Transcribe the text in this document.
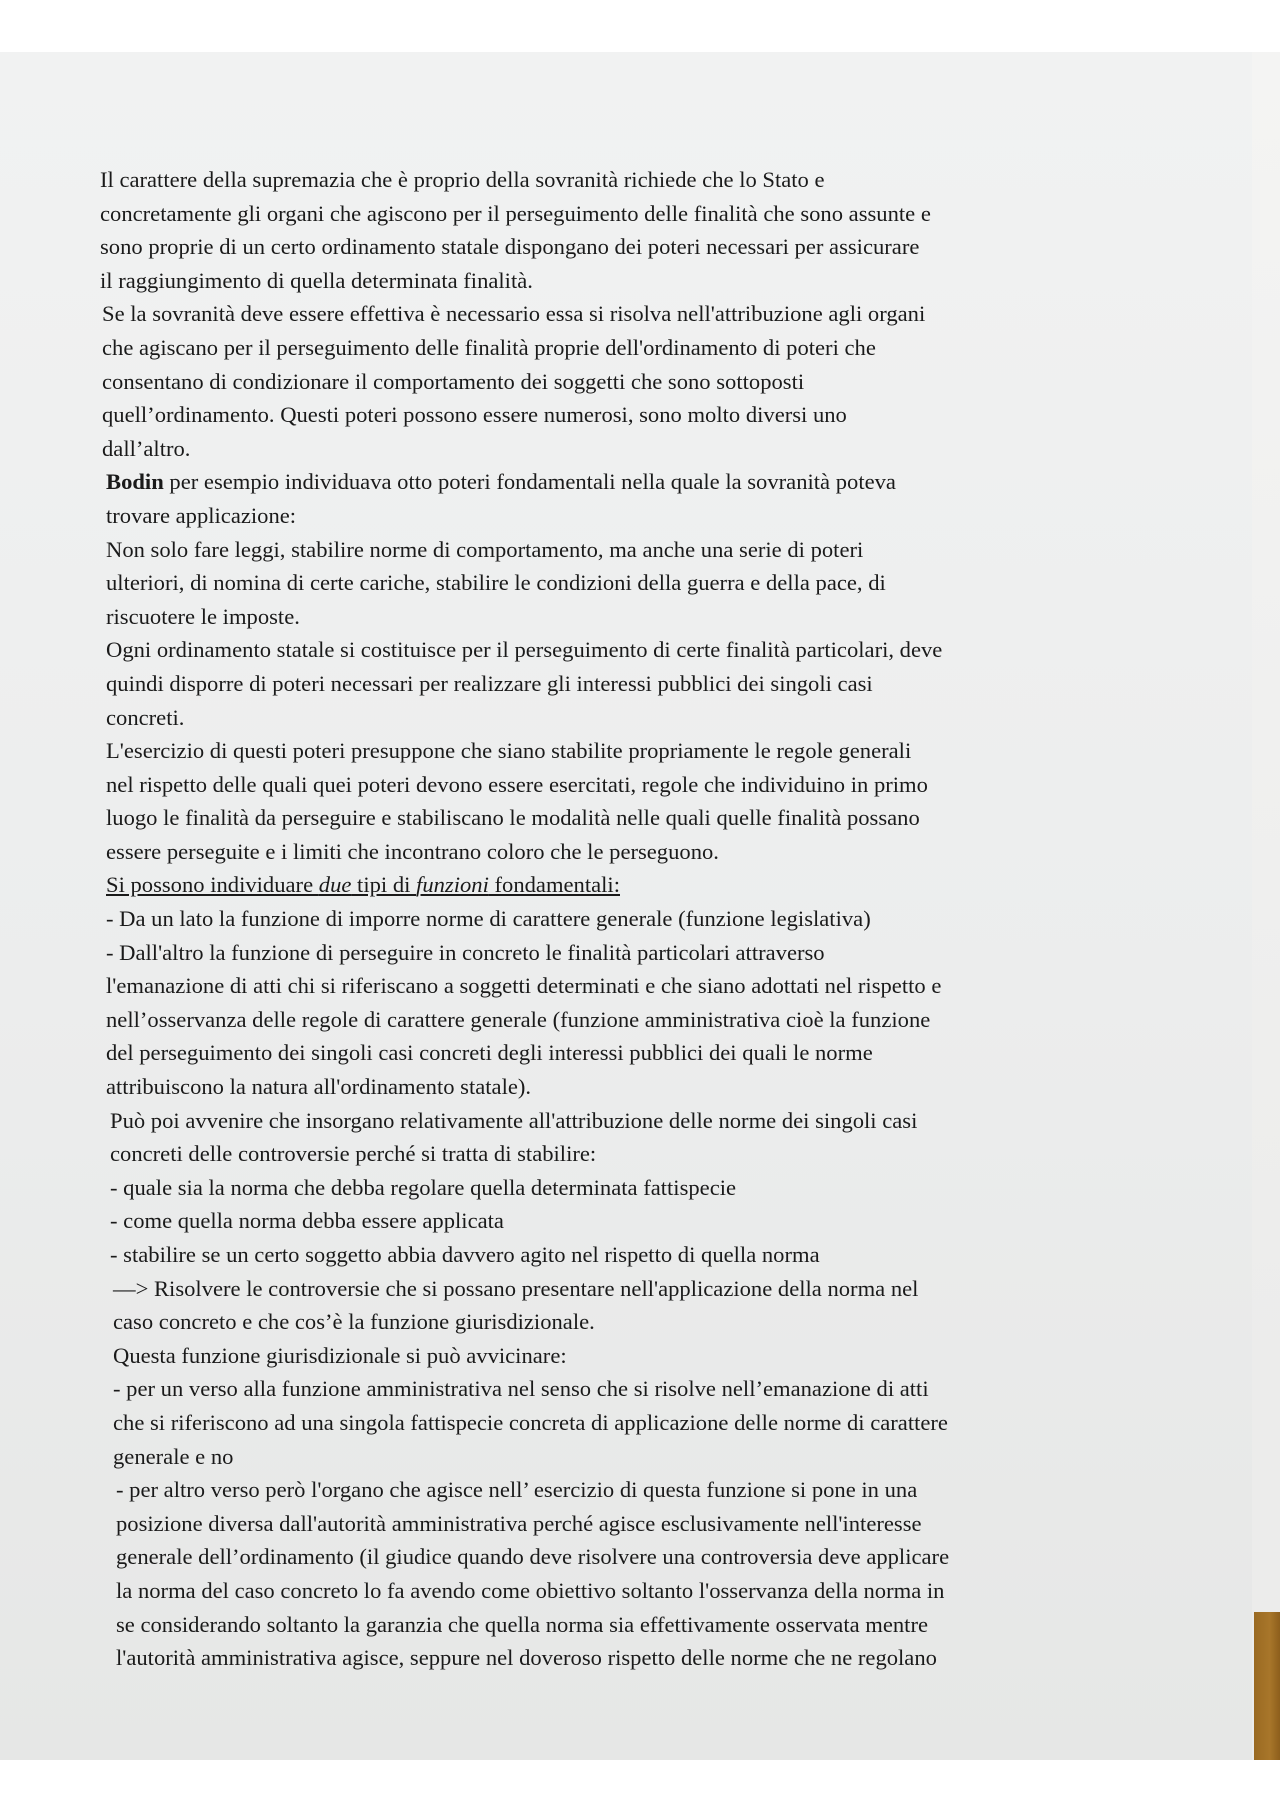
Il carattere della supremazia che è proprio della sovranità richiede che lo Stato e

concretamente gli organi che agiscono per il perseguimento delle finalità che sono assunte e

sono proprie di un certo ordinamento statale dispongano dei poteri necessari per assicurare

il raggiungimento di quella determinata finalità.

Se la sovranità deve essere effettiva è necessario essa si risolva nell'attribuzione agli organi

che agiscano per il perseguimento delle finalità proprie dell'ordinamento di poteri che

consentano di condizionare il comportamento dei soggetti che sono sottoposti

quell’ordinamento. Questi poteri possono essere numerosi, sono molto diversi uno

dall’altro.

Bodin per esempio individuava otto poteri fondamentali nella quale la sovranità poteva

trovare applicazione:

Non solo fare leggi, stabilire norme di comportamento, ma anche una serie di poteri

ulteriori, di nomina di certe cariche, stabilire le condizioni della guerra e della pace, di

riscuotere le imposte.

Ogni ordinamento statale si costituisce per il perseguimento di certe finalità particolari, deve

quindi disporre di poteri necessari per realizzare gli interessi pubblici dei singoli casi

concreti.

L'esercizio di questi poteri presuppone che siano stabilite propriamente le regole generali

nel rispetto delle quali quei poteri devono essere esercitati, regole che individuino in primo

luogo le finalità da perseguire e stabiliscano le modalità nelle quali quelle finalità possano

essere perseguite e i limiti che incontrano coloro che le perseguono.

Si possono individuare due tipi di funzioni fondamentali:

- Da un lato la funzione di imporre norme di carattere generale (funzione legislativa)

- Dall'altro la funzione di perseguire in concreto le finalità particolari attraverso

l'emanazione di atti chi si riferiscano a soggetti determinati e che siano adottati nel rispetto e

nell’osservanza delle regole di carattere generale (funzione amministrativa cioè la funzione

del perseguimento dei singoli casi concreti degli interessi pubblici dei quali le norme

attribuiscono la natura all'ordinamento statale).

Può poi avvenire che insorgano relativamente all'attribuzione delle norme dei singoli casi

concreti delle controversie perché si tratta di stabilire:

- quale sia la norma che debba regolare quella determinata fattispecie

- come quella norma debba essere applicata

- stabilire se un certo soggetto abbia davvero agito nel rispetto di quella norma

—> Risolvere le controversie che si possano presentare nell'applicazione della norma nel

caso concreto e che cos’è la funzione giurisdizionale.

Questa funzione giurisdizionale si può avvicinare:

- per un verso alla funzione amministrativa nel senso che si risolve nell’emanazione di atti

che si riferiscono ad una singola fattispecie concreta di applicazione delle norme di carattere

generale e no

- per altro verso però l'organo che agisce nell’ esercizio di questa funzione si pone in una

posizione diversa dall'autorità amministrativa perché agisce esclusivamente nell'interesse

generale dell’ordinamento (il giudice quando deve risolvere una controversia deve applicare

la norma del caso concreto lo fa avendo come obiettivo soltanto l'osservanza della norma in

se considerando soltanto la garanzia che quella norma sia effettivamente osservata mentre

l'autorità amministrativa agisce, seppure nel doveroso rispetto delle norme che ne regolano
